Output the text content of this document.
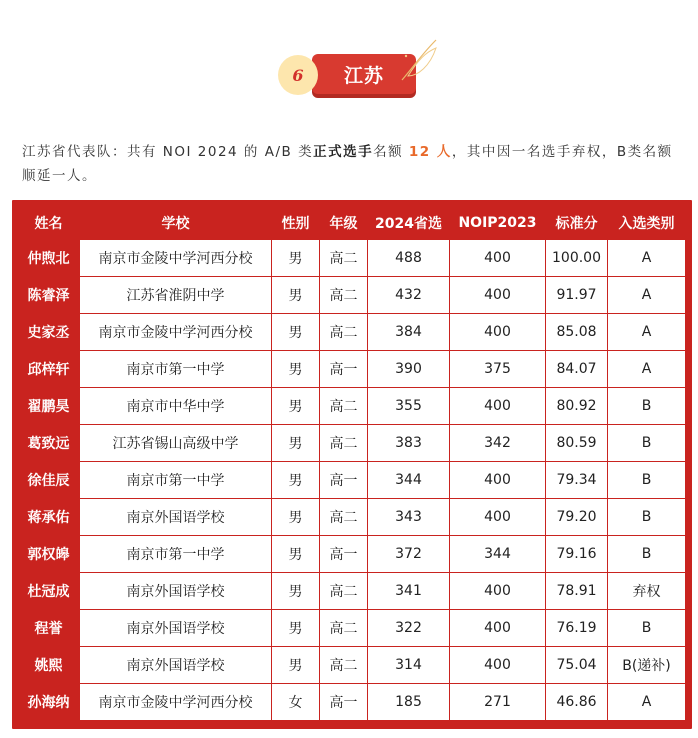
6	江苏
江苏省代表队：共有 NOI 2024 的 A/B 类正式选手名额 12 人，其中因一名选手弃权，B类名额顺延一人。
姓名	学校	性别	年级	2024省选	NOIP2023	标准分	入选类别
仲煦北	南京市金陵中学河西分校	男	高二	488	400	100.00	A
陈睿泽	江苏省淮阴中学	男	高二	432	400	91.97	A
史家丞	南京市金陵中学河西分校	男	高二	384	400	85.08	A
邱梓轩	南京市第一中学	男	高一	390	375	84.07	A
翟鹏昊	南京市中华中学	男	高二	355	400	80.92	B
葛致远	江苏省锡山高级中学	男	高二	383	342	80.59	B
徐佳辰	南京市第一中学	男	高一	344	400	79.34	B
蒋承佑	南京外国语学校	男	高二	343	400	79.20	B
郭权皞	南京市第一中学	男	高一	372	344	79.16	B
杜冠成	南京外国语学校	男	高二	341	400	78.91	弃权
程誉	南京外国语学校	男	高二	322	400	76.19	B
姚熙	南京外国语学校	男	高二	314	400	75.04	B(递补)
孙海纳	南京市金陵中学河西分校	女	高一	185	271	46.86	A
